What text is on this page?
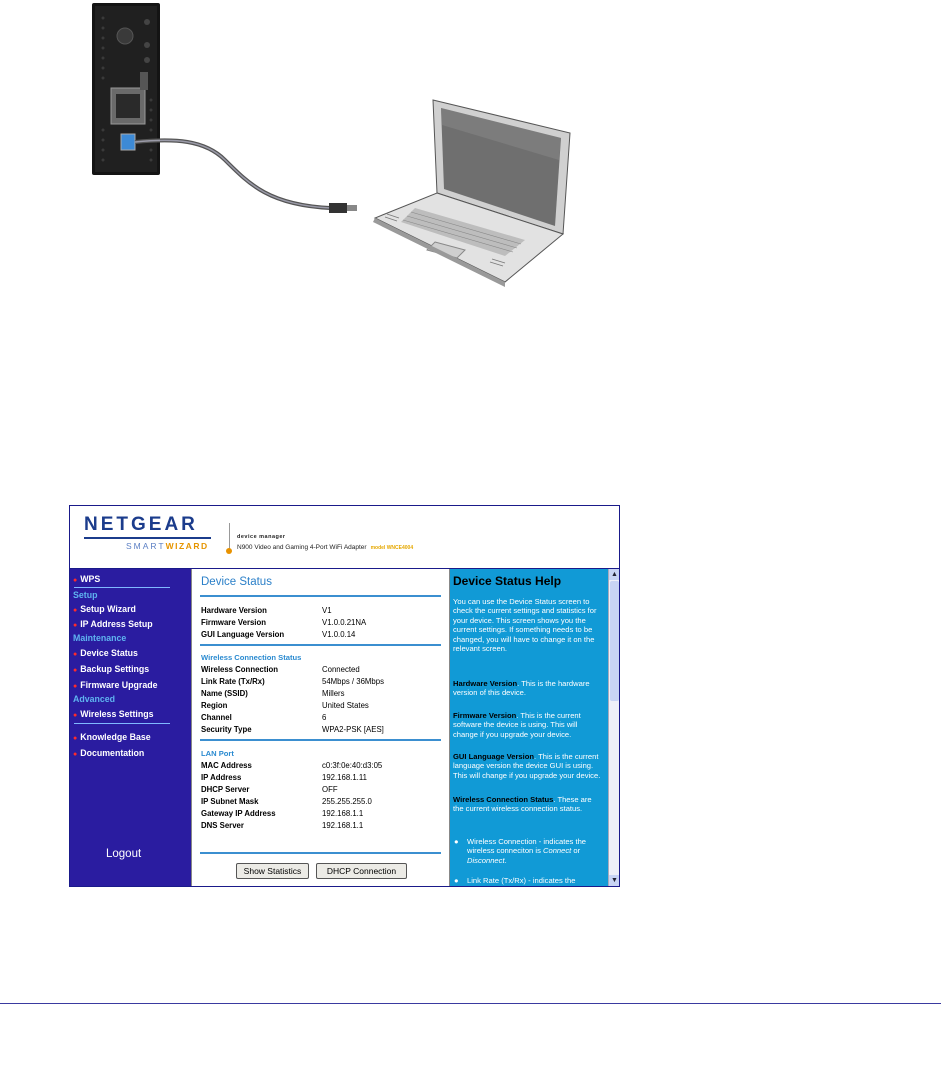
NETGEAR
SMARTWIZARD
device manager
N900 Video and Gaming 4-Port WiFi Adapter model WNCE4004
● WPS
Setup
● Setup Wizard
● IP Address Setup
Maintenance
● Device Status
● Backup Settings
● Firmware Upgrade
Advanced
● Wireless Settings
● Knowledge Base
● Documentation
Logout
Device Status
Hardware Version	V1
Firmware Version	V1.0.0.21NA
GUI Language Version	V1.0.0.14
Wireless Connection Status
Wireless Connection	Connected
Link Rate (Tx/Rx)	54Mbps / 36Mbps
Name (SSID)	Millers
Region	United States
Channel	6
Security Type	WPA2-PSK [AES]
LAN Port
MAC Address	c0:3f:0e:40:d3:05
IP Address	192.168.1.11
DHCP Server	OFF
IP Subnet Mask	255.255.255.0
Gateway IP Address	192.168.1.1
DNS Server	192.168.1.1
Show Statistics	DHCP Connection
Device Status Help
You can use the Device Status screen to check the current settings and statistics for your device. This screen shows you the current settings. If something needs to be changed, you will have to change it on the relevant screen.
Hardware Version. This is the hardware version of this device.
Firmware Version. This is the current software the device is using. This will change if you upgrade your device.
GUI Language Version. This is the current language version the device GUI is using. This will change if you upgrade your device.
Wireless Connection Status. These are the current wireless connection status.
● Wireless Connection - indicates the wireless conneciton is Connect or Disconnect.
● Link Rate (Tx/Rx) - indicates the
▲
▼
